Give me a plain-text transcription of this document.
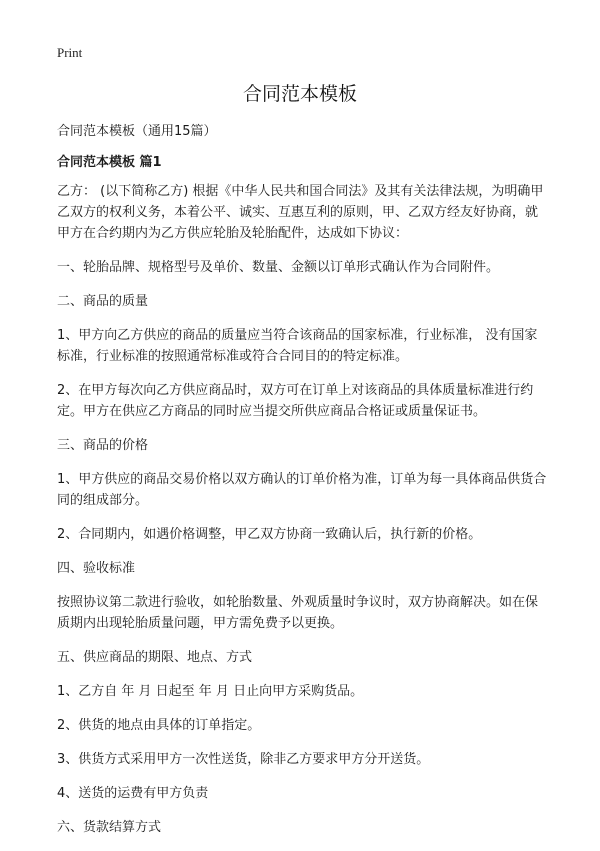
Print
合同范本模板

合同范本模板（通用15篇）

合同范本模板 篇1

乙方： (以下简称乙方) 根据《中华人民共和国合同法》及其有关法律法规，为明确甲乙双方的权利义务，本着公平、诚实、互惠互利的原则，甲、乙双方经友好协商，就甲方在合约期内为乙方供应轮胎及轮胎配件，达成如下协议：

一、轮胎品牌、规格型号及单价、数量、金额以订单形式确认作为合同附件。

二、商品的质量

1、甲方向乙方供应的商品的质量应当符合该商品的国家标准，行业标准， 没有国家标准，行业标准的按照通常标准或符合合同目的的特定标准。

2、在甲方每次向乙方供应商品时，双方可在订单上对该商品的具体质量标准进行约定。甲方在供应乙方商品的同时应当提交所供应商品合格证或质量保证书。

三、商品的价格

1、甲方供应的商品交易价格以双方确认的订单价格为准，订单为每一具体商品供货合同的组成部分。

2、合同期内，如遇价格调整，甲乙双方协商一致确认后，执行新的价格。

四、验收标准

按照协议第二款进行验收，如轮胎数量、外观质量时争议时，双方协商解决。如在保质期内出现轮胎质量问题，甲方需免费予以更换。

五、供应商品的期限、地点、方式

1、乙方自 年 月 日起至 年 月 日止向甲方采购货品。

2、供货的地点由具体的订单指定。

3、供货方式采用甲方一次性送货，除非乙方要求甲方分开送货。

4、送货的运费有甲方负责

六、货款结算方式
